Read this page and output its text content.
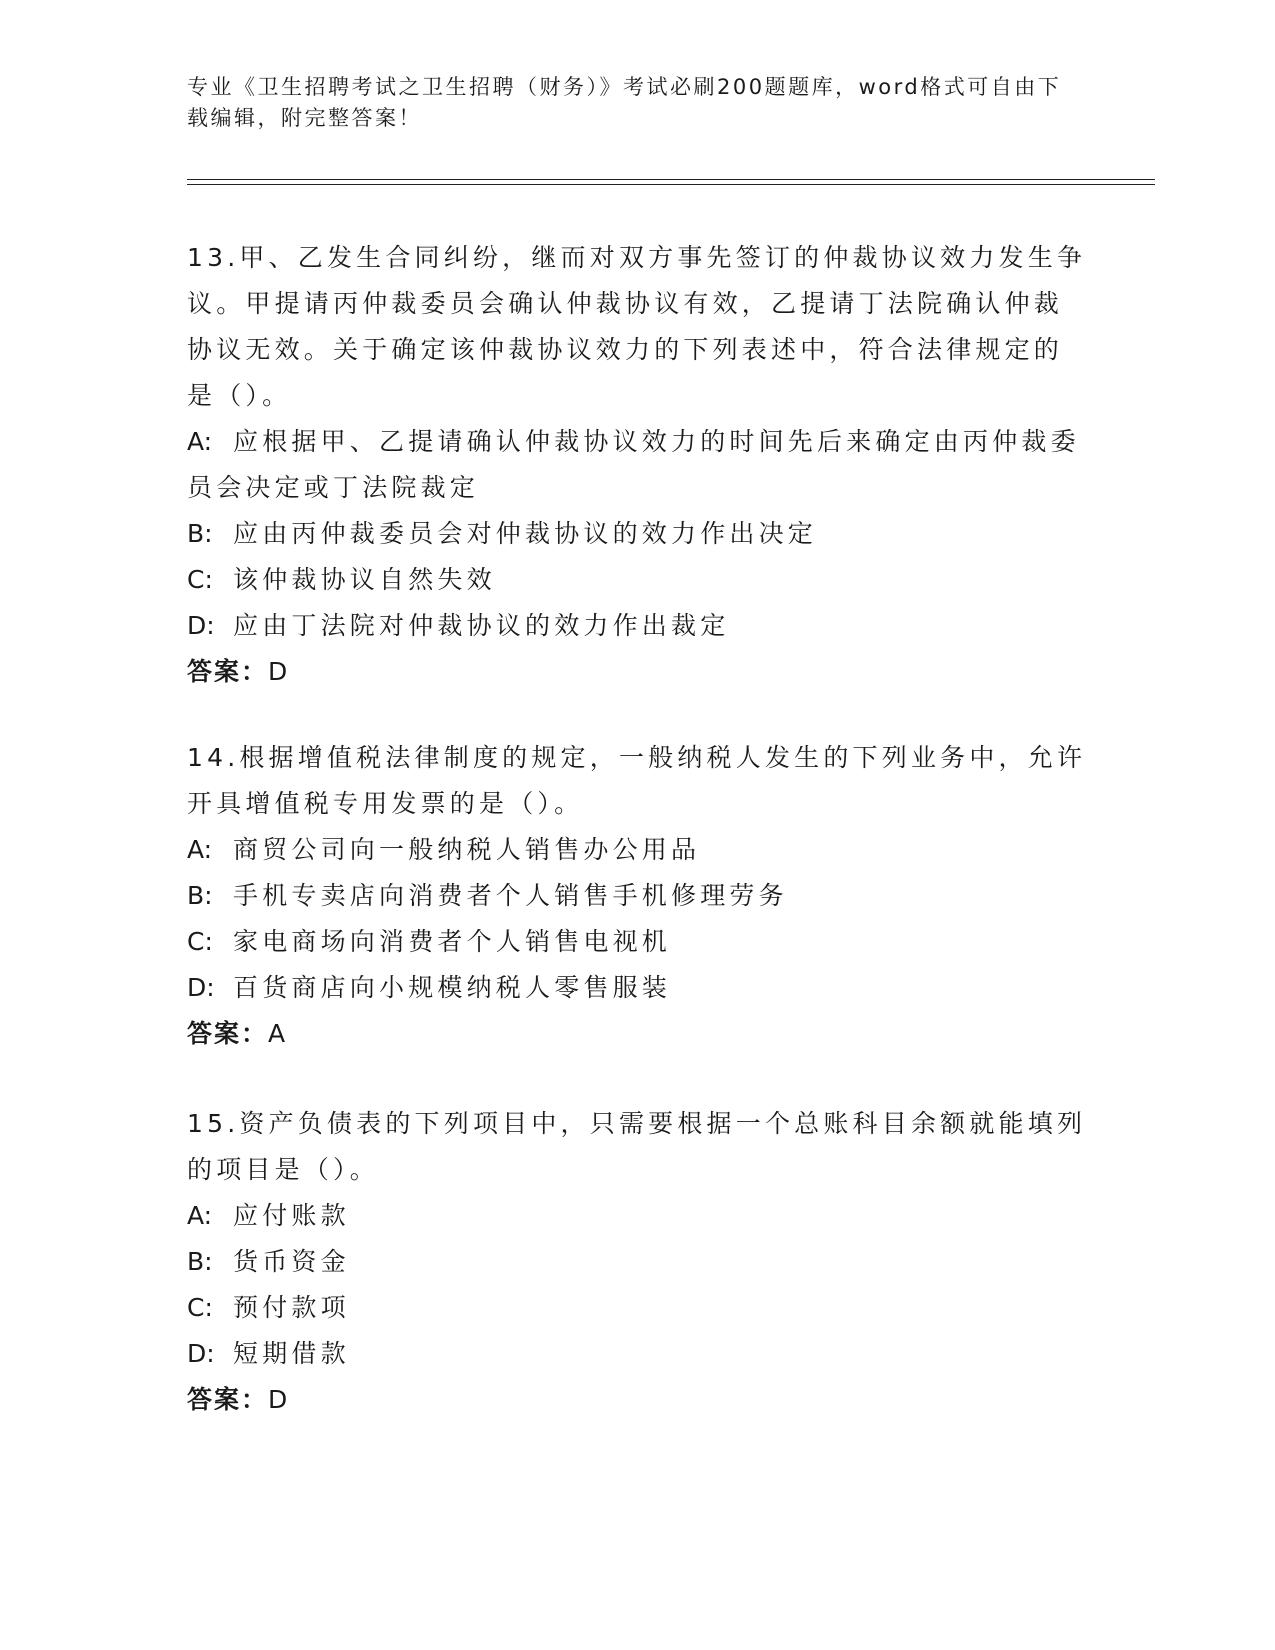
专业《卫生招聘考试之卫生招聘（财务）》考试必刷200题题库，word格式可自由下载编辑，附完整答案！

13.甲、乙发生合同纠纷，继而对双方事先签订的仲裁协议效力发生争议。甲提请丙仲裁委员会确认仲裁协议有效，乙提请丁法院确认仲裁协议无效。关于确定该仲裁协议效力的下列表述中，符合法律规定的是（）。

A: 应根据甲、乙提请确认仲裁协议效力的时间先后来确定由丙仲裁委员会决定或丁法院裁定

B: 应由丙仲裁委员会对仲裁协议的效力作出决定

C: 该仲裁协议自然失效

D: 应由丁法院对仲裁协议的效力作出裁定

答案：D

14.根据增值税法律制度的规定，一般纳税人发生的下列业务中，允许开具增值税专用发票的是（）。

A: 商贸公司向一般纳税人销售办公用品

B: 手机专卖店向消费者个人销售手机修理劳务

C: 家电商场向消费者个人销售电视机

D: 百货商店向小规模纳税人零售服装

答案：A

15.资产负债表的下列项目中，只需要根据一个总账科目余额就能填列的项目是（）。

A: 应付账款

B: 货币资金

C: 预付款项

D: 短期借款

答案：D
